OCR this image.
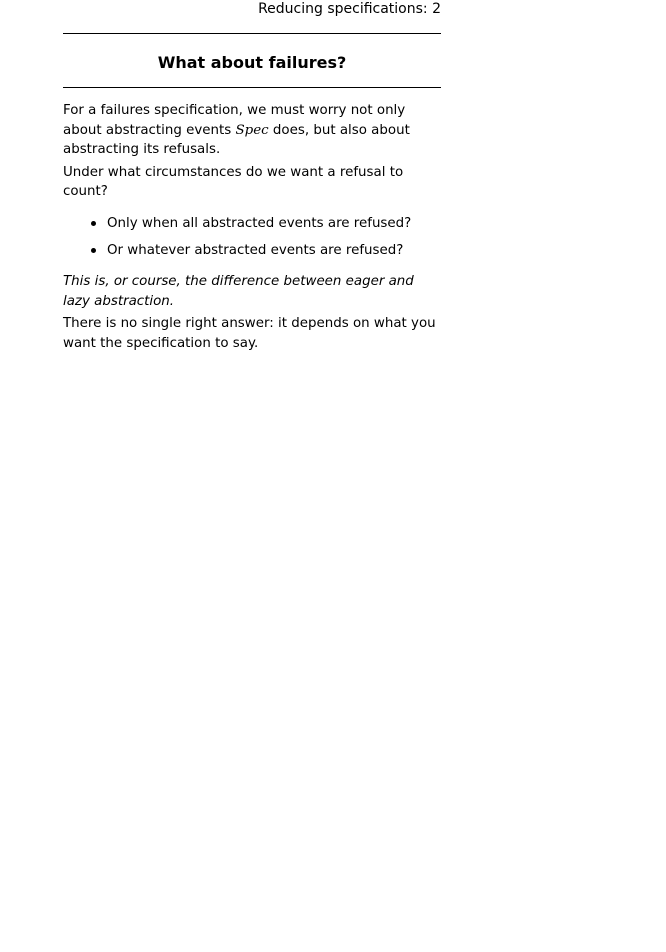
Reducing specifications: 2
What about failures?

For a failures specification, we must worry not only about abstracting events Spec does, but also about abstracting its refusals.

Under what circumstances do we want a refusal to count?

Only when all abstracted events are refused?
Or whatever abstracted events are refused?

This is, or course, the difference between eager and lazy abstraction.

There is no single right answer: it depends on what you want the specification to say.
